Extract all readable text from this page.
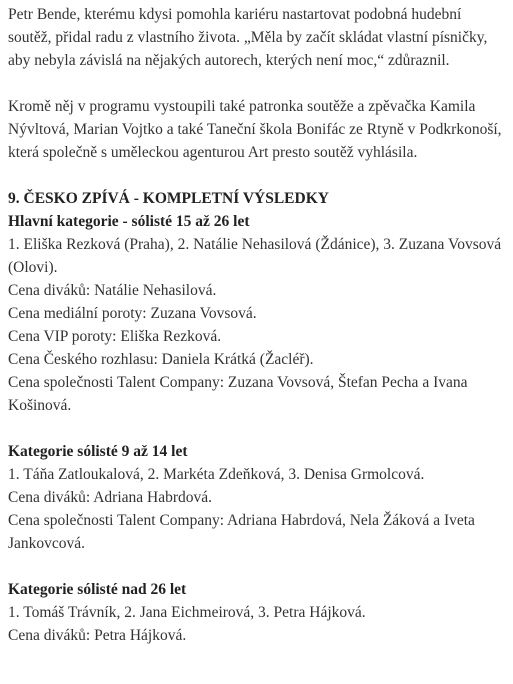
Petr Bende, kterému kdysi pomohla kariéru nastartovat podobná hudební soutěž, přidal radu z vlastního života. „Měla by začít skládat vlastní písničky, aby nebyla závislá na nějakých autorech, kterých není moc,“ zdůraznil.

Kromě něj v programu vystoupili také patronka soutěže a zpěvačka Kamila Nývltová, Marian Vojtko a také Taneční škola Bonifác ze Rtyně v Podkrkonoší, která společně s uměleckou agenturou Art presto soutěž vyhlásila.

9. ČESKO ZPÍVÁ - KOMPLETNÍ VÝSLEDKY

Hlavní kategorie - sólisté 15 až 26 let

1. Eliška Rezková (Praha), 2. Natálie Nehasilová (Ždánice), 3. Zuzana Vovsová (Olovi).

Cena diváků: Natálie Nehasilová.

Cena mediální poroty: Zuzana Vovsová.

Cena VIP poroty: Eliška Rezková.

Cena Českého rozhlasu: Daniela Krátká (Žacléř).

Cena společnosti Talent Company: Zuzana Vovsová, Štefan Pecha a Ivana Košinová.

Kategorie sólisté 9 až 14 let

1. Táňa Zatloukalová, 2. Markéta Zdeňková, 3. Denisa Grmolcová.

Cena diváků: Adriana Habrdová.

Cena společnosti Talent Company: Adriana Habrdová, Nela Žáková a Iveta Jankovcová.

Kategorie sólisté nad 26 let

1. Tomáš Trávník, 2. Jana Eichmeirová, 3. Petra Hájková.

Cena diváků: Petra Hájková.
